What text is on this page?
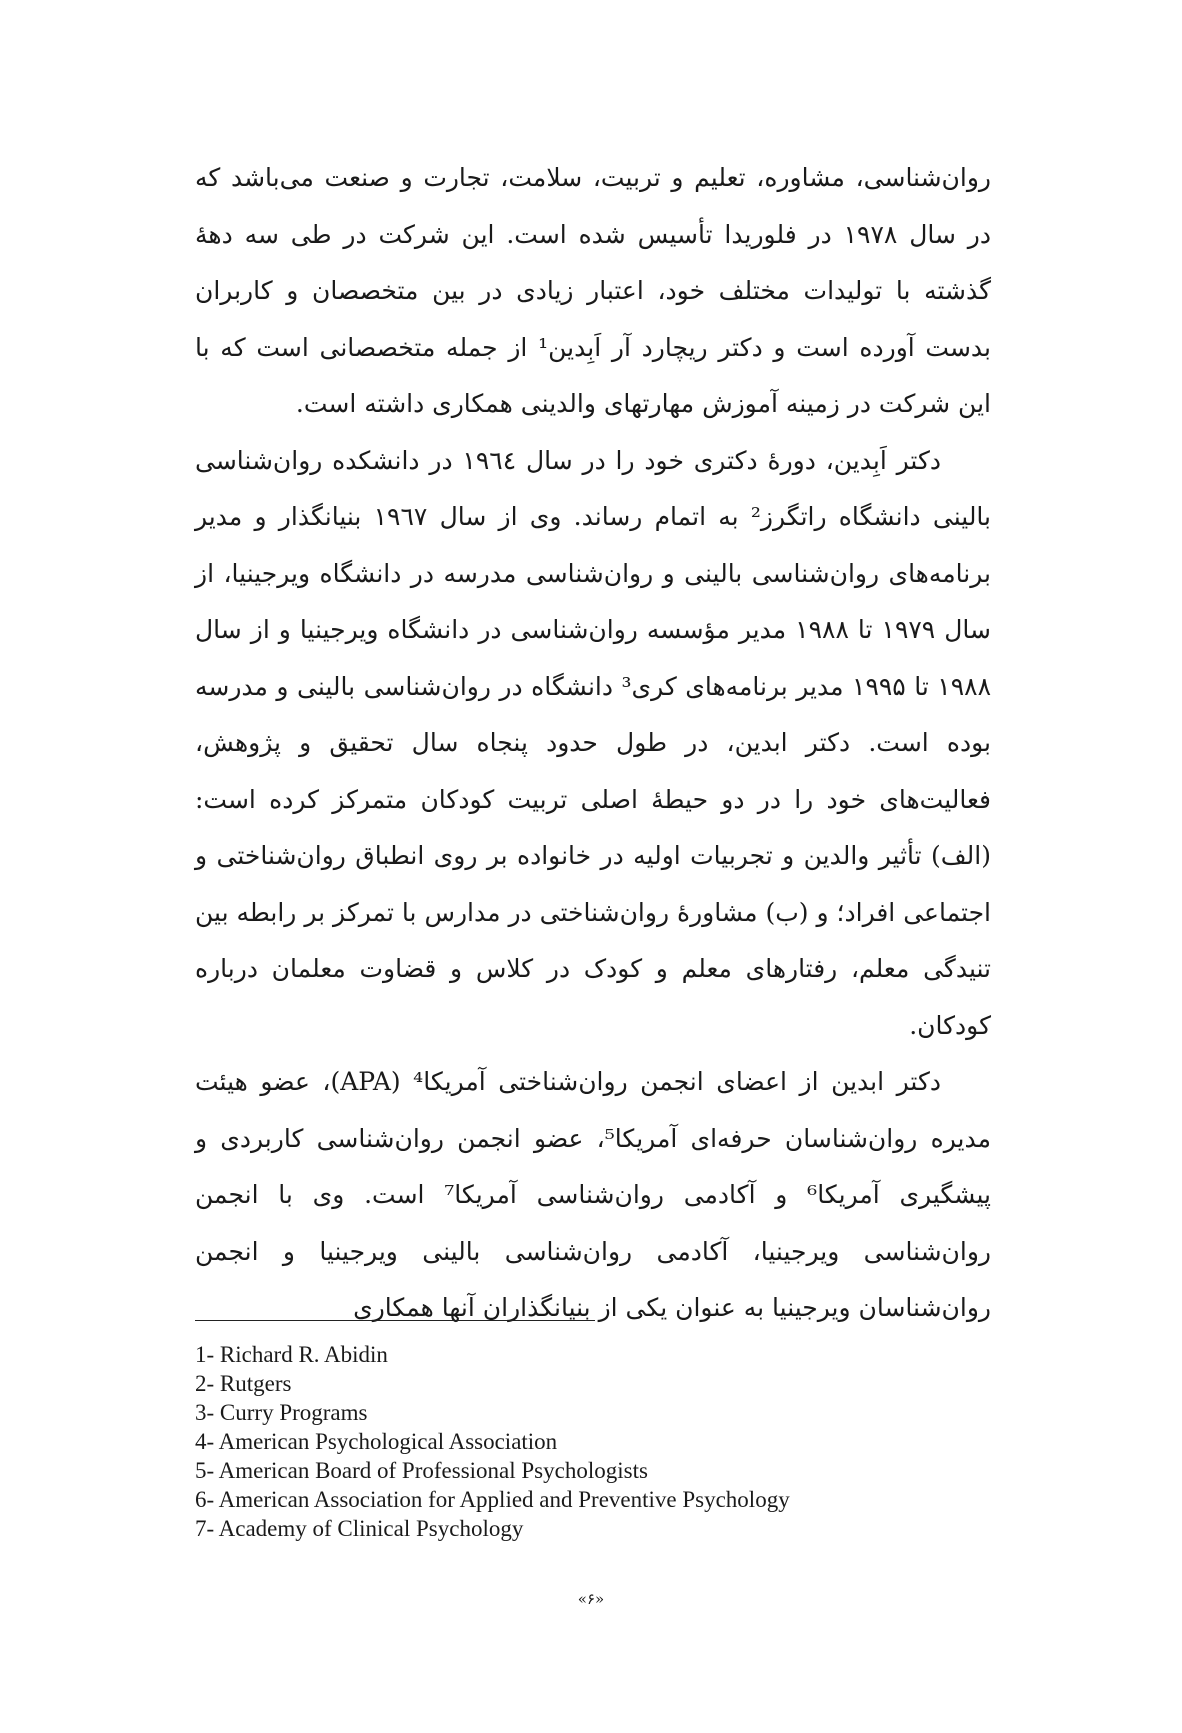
روان‌شناسی، مشاوره، تعلیم و تربیت، سلامت، تجارت و صنعت می‌باشد که در سال ۱۹۷۸ در فلوریدا تأسیس شده است. این شرکت در طی سه دههٔ گذشته با تولیدات مختلف خود، اعتبار زیادی در بین متخصصان و کاربران بدست آورده است و دکتر ریچارد آر اَبِدین¹ از جمله متخصصانی است که با این شرکت در زمینه آموزش مهارتهای والدینی همکاری داشته است.

دکتر اَبِدین، دورهٔ دکتری خود را در سال ۱۹٦٤ در دانشکده روان‌شناسی بالینی دانشگاه راتگرز² به اتمام رساند. وی از سال ۱۹٦٧ بنیانگذار و مدیر برنامه‌های روان‌شناسی بالینی و روان‌شناسی مدرسه در دانشگاه ویرجینیا، از سال ۱۹۷۹ تا ۱۹۸۸ مدیر مؤسسه روان‌شناسی در دانشگاه ویرجینیا و از سال ۱۹۸۸ تا ۱۹۹۵ مدیر برنامه‌های کری³ دانشگاه در روان‌شناسی بالینی و مدرسه بوده است. دکتر ابدین، در طول حدود پنجاه سال تحقیق و پژوهش، فعالیت‌های خود را در دو حیطهٔ اصلی تربیت کودکان متمرکز کرده است: (الف) تأثیر والدین و تجربیات اولیه در خانواده بر روی انطباق روان‌شناختی و اجتماعی افراد؛ و (ب) مشاورهٔ روان‌شناختی در مدارس با تمرکز بر رابطه بین تنیدگی معلم، رفتارهای معلم و کودک در کلاس و قضاوت معلمان درباره کودکان.

دکتر ابدین از اعضای انجمن روان‌شناختی آمریکا⁴ (APA)، عضو هیئت مدیره روان‌شناسان حرفه‌ای آمریکا⁵، عضو انجمن روان‌شناسی کاربردی و پیشگیری آمریکا⁶ و آکادمی روان‌شناسی آمریکا⁷ است. وی با انجمن روان‌شناسی ویرجینیا، آکادمی روان‌شناسی بالینی ویرجینیا و انجمن روان‌شناسان ویرجینیا به عنوان یکی از بنیانگذاران آنها همکاری

1- Richard R. Abidin
2- Rutgers
3- Curry Programs
4- American Psychological Association
5- American Board of Professional Psychologists
6- American Association for Applied and Preventive Psychology
7- Academy of Clinical Psychology
«۶»
